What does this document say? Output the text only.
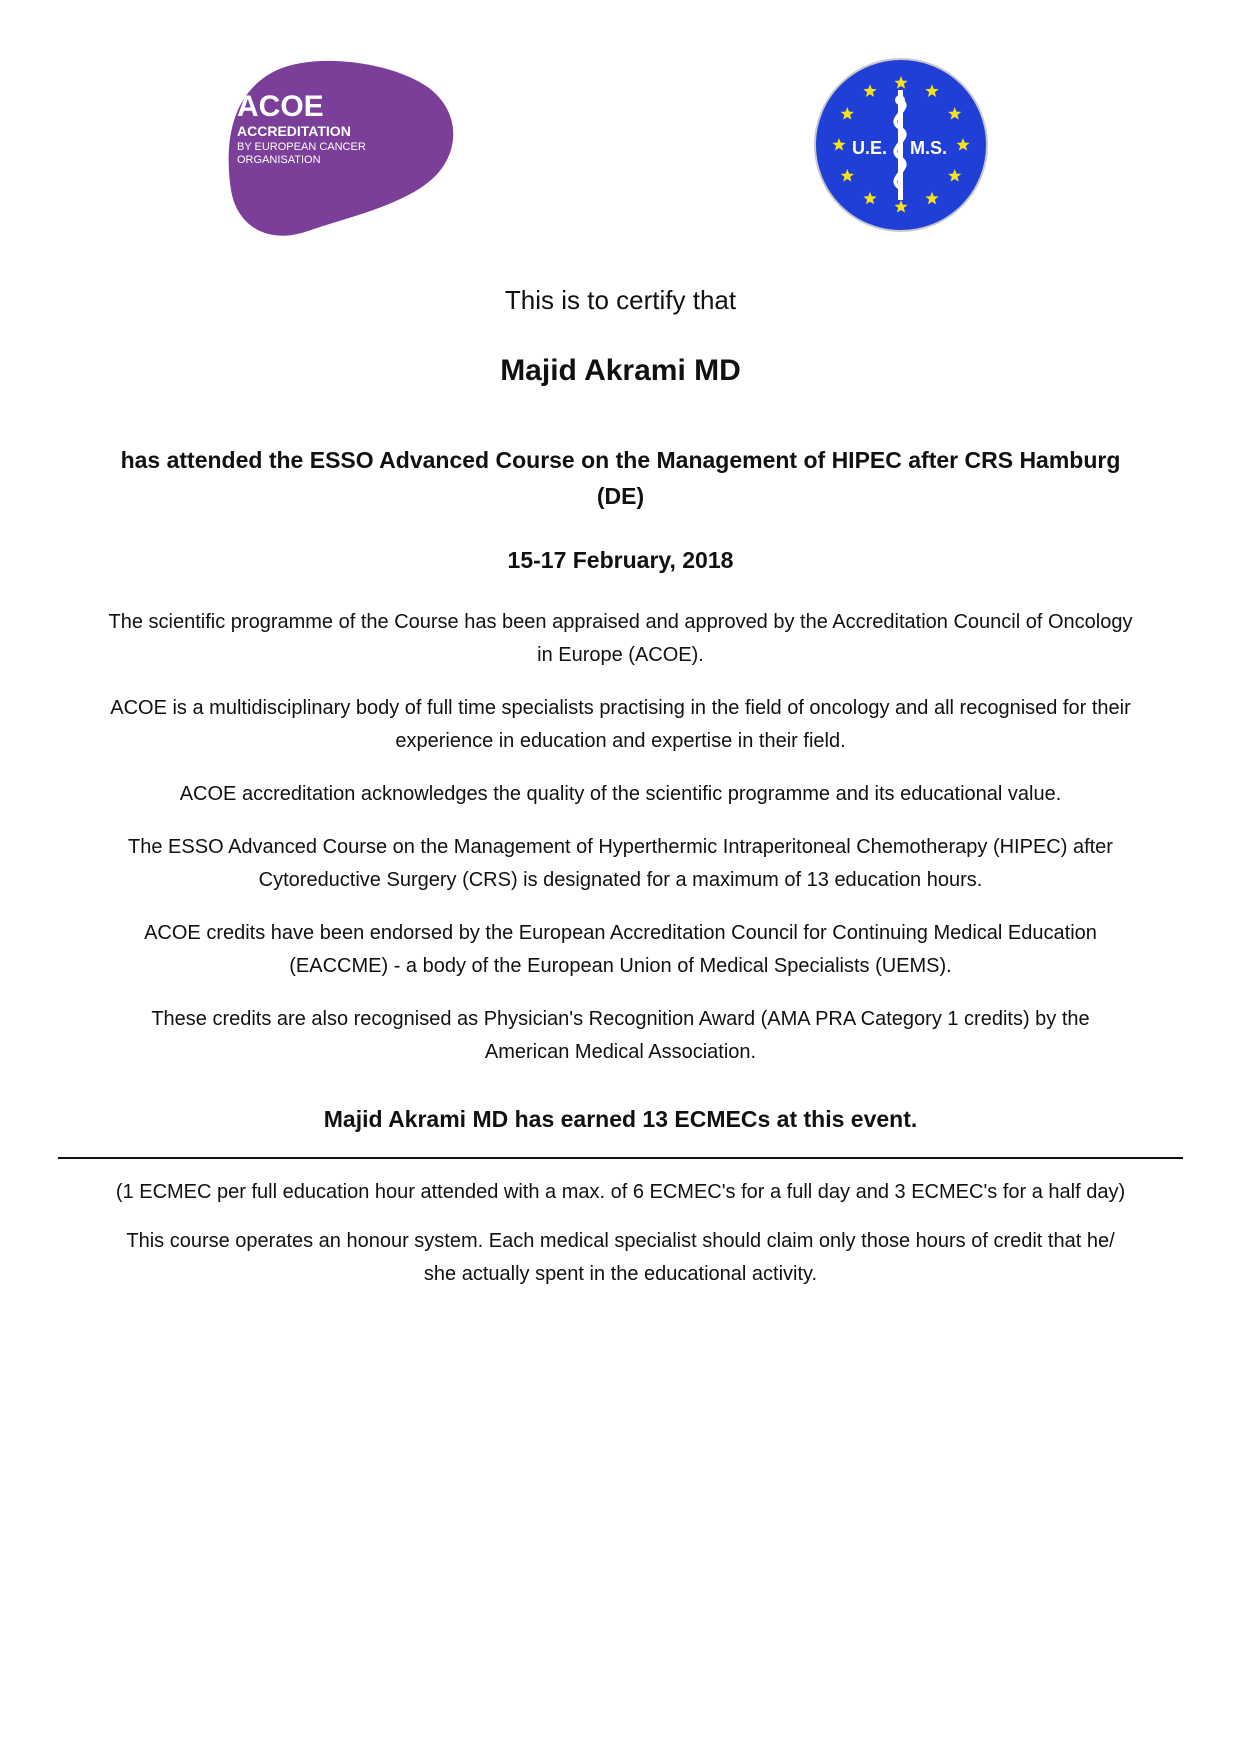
ACOE
ACCREDITATION
BY EUROPEAN CANCER
ORGANISATION
U.E. M.S.

This is to certify that

Majid Akrami MD

has attended the ESSO Advanced Course on the Management of HIPEC after CRS Hamburg
(DE)

15-17 February, 2018

The scientific programme of the Course has been appraised and approved by the Accreditation Council of Oncology
in Europe (ACOE).

ACOE is a multidisciplinary body of full time specialists practising in the field of oncology and all recognised for their
experience in education and expertise in their field.

ACOE accreditation acknowledges the quality of the scientific programme and its educational value.

The ESSO Advanced Course on the Management of Hyperthermic Intraperitoneal Chemotherapy (HIPEC) after
Cytoreductive Surgery (CRS) is designated for a maximum of 13 education hours.

ACOE credits have been endorsed by the European Accreditation Council for Continuing Medical Education
(EACCME) - a body of the European Union of Medical Specialists (UEMS).

These credits are also recognised as Physician's Recognition Award (AMA PRA Category 1 credits) by the
American Medical Association.

Majid Akrami MD has earned 13 ECMECs at this event.

(1 ECMEC per full education hour attended with a max. of 6 ECMEC's for a full day and 3 ECMEC's for a half day)

This course operates an honour system. Each medical specialist should claim only those hours of credit that he/
she actually spent in the educational activity.
